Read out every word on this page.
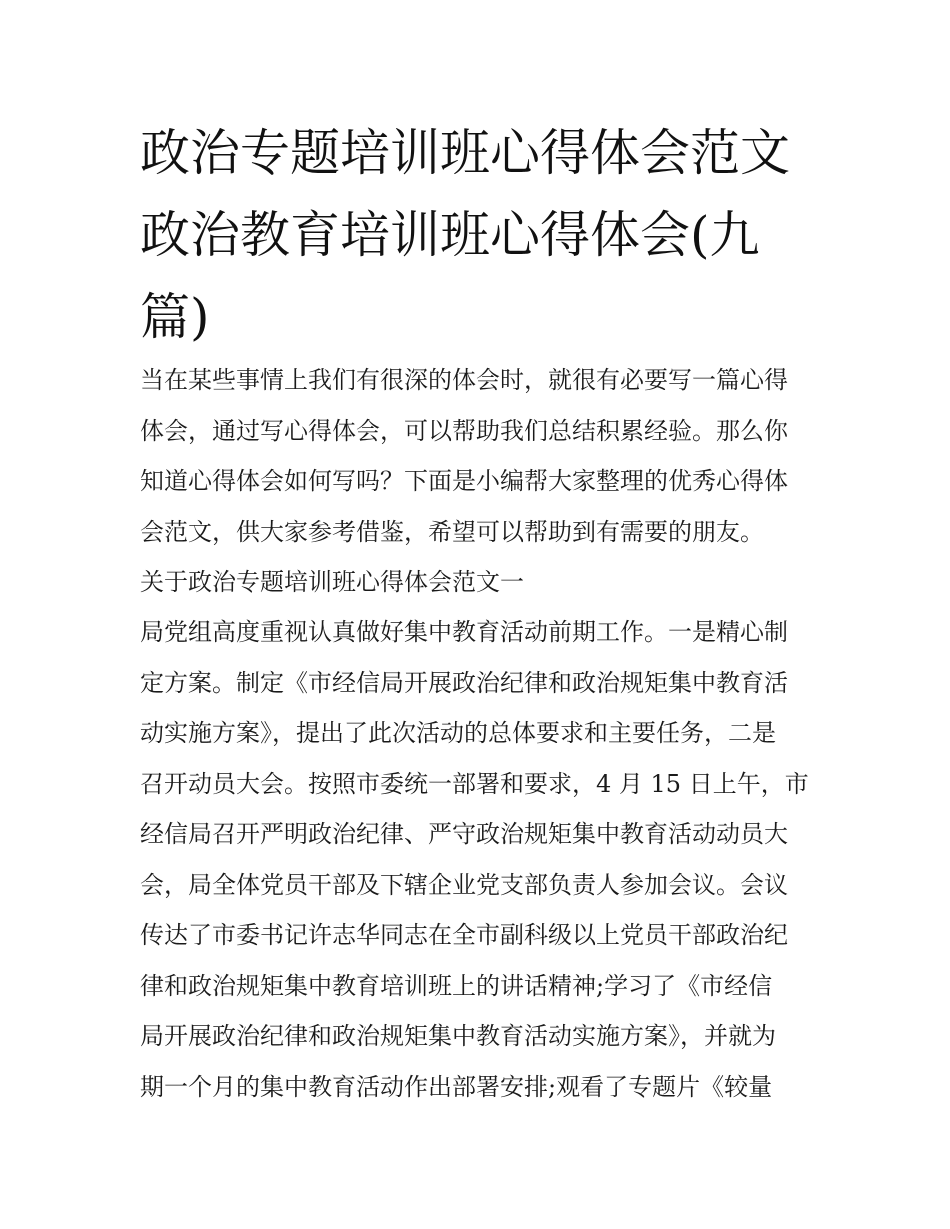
政治专题培训班心得体会范文
政治教育培训班心得体会(九
篇)
当在某些事情上我们有很深的体会时，就很有必要写一篇心得
体会，通过写心得体会，可以帮助我们总结积累经验。那么你
知道心得体会如何写吗？下面是小编帮大家整理的优秀心得体
会范文，供大家参考借鉴，希望可以帮助到有需要的朋友。
关于政治专题培训班心得体会范文一
局党组高度重视认真做好集中教育活动前期工作。一是精心制
定方案。制定《市经信局开展政治纪律和政治规矩集中教育活
动实施方案》，提出了此次活动的总体要求和主要任务，二是
召开动员大会。按照市委统一部署和要求，4 月 15 日上午，市
经信局召开严明政治纪律、严守政治规矩集中教育活动动员大
会，局全体党员干部及下辖企业党支部负责人参加会议。会议
传达了市委书记许志华同志在全市副科级以上党员干部政治纪
律和政治规矩集中教育培训班上的讲话精神;学习了《市经信
局开展政治纪律和政治规矩集中教育活动实施方案》，并就为
期一个月的集中教育活动作出部署安排;观看了专题片《较量
